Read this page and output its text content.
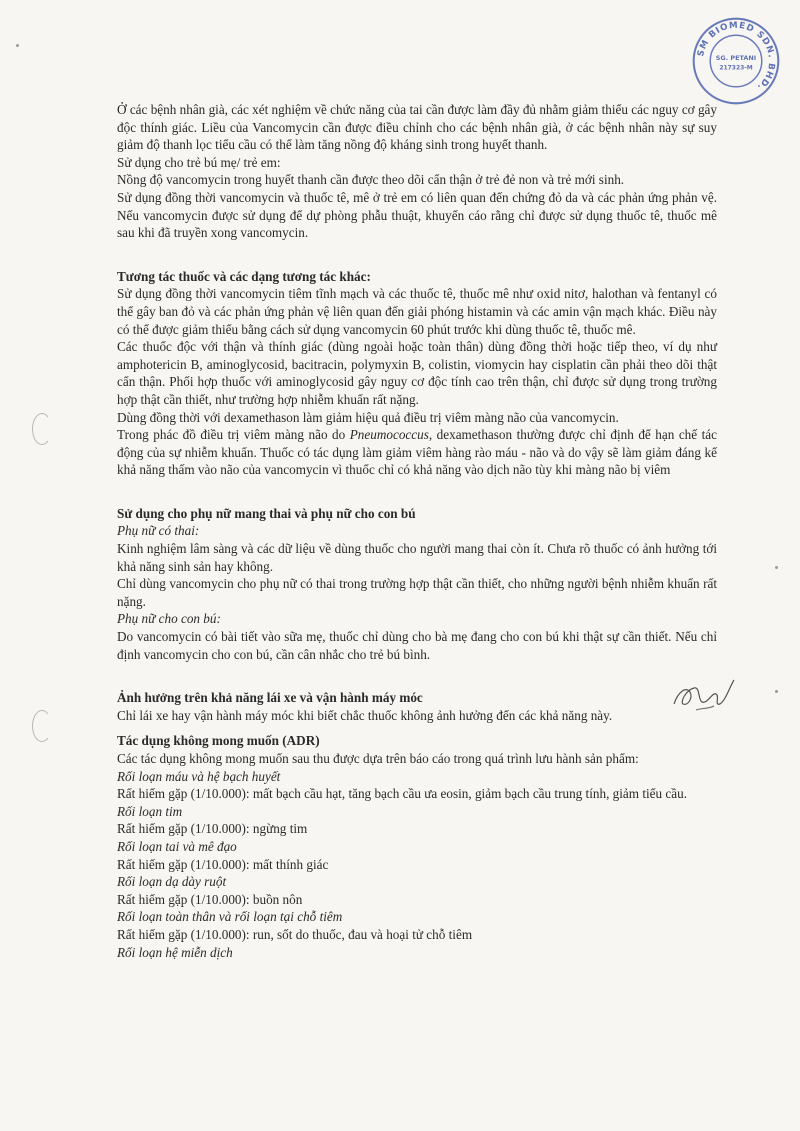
SM BIOMED SDN. BHD.
SG. PETANI
217323-M

Ở các bệnh nhân già, các xét nghiệm về chức năng của tai cần được làm đầy đủ nhằm giảm thiểu các nguy cơ gây độc thính giác. Liều của Vancomycin cần được điều chỉnh cho các bệnh nhân già, ở các bệnh nhân này sự suy giảm độ thanh lọc tiểu cầu có thể làm tăng nồng độ kháng sinh trong huyết thanh.

Sử dụng cho trẻ bú mẹ/ trẻ em:

Nồng độ vancomycin trong huyết thanh cần được theo dõi cẩn thận ở trẻ đẻ non và trẻ mới sinh.

Sử dụng đồng thời vancomycin và thuốc tê, mê ở trẻ em có liên quan đến chứng đỏ da và các phản ứng phản vệ. Nếu vancomycin được sử dụng để dự phòng phẫu thuật, khuyến cáo rằng chỉ được sử dụng thuốc tê, thuốc mê sau khi đã truyền xong vancomycin.

Tương tác thuốc và các dạng tương tác khác:

Sử dụng đồng thời vancomycin tiêm tĩnh mạch và các thuốc tê, thuốc mê như oxid nitơ, halothan và fentanyl có thể gây ban đỏ và các phản ứng phản vệ liên quan đến giải phóng histamin và các amin vận mạch khác. Điều này có thể được giảm thiểu bằng cách sử dụng vancomycin 60 phút trước khi dùng thuốc tê, thuốc mê.

Các thuốc độc với thận và thính giác (dùng ngoài hoặc toàn thân) dùng đồng thời hoặc tiếp theo, ví dụ như amphotericin B, aminoglycosid, bacitracin, polymyxin B, colistin, viomycin hay cisplatin cần phải theo dõi thật cẩn thận. Phối hợp thuốc với aminoglycosid gây nguy cơ độc tính cao trên thận, chỉ được sử dụng trong trường hợp thật cần thiết, như trường hợp nhiễm khuẩn rất nặng.

Dùng đồng thời với dexamethason làm giảm hiệu quả điều trị viêm màng não của vancomycin.

Trong phác đồ điều trị viêm màng não do Pneumococcus, dexamethason thường được chỉ định để hạn chế tác động của sự nhiễm khuẩn. Thuốc có tác dụng làm giảm viêm hàng rào máu - não và do vậy sẽ làm giảm đáng kể khả năng thấm vào não của vancomycin vì thuốc chỉ có khả năng vào dịch não tùy khi màng não bị viêm

Sử dụng cho phụ nữ mang thai và phụ nữ cho con bú

Phụ nữ có thai:

Kinh nghiệm lâm sàng và các dữ liệu về dùng thuốc cho người mang thai còn ít. Chưa rõ thuốc có ảnh hưởng tới khả năng sinh sản hay không.

Chỉ dùng vancomycin cho phụ nữ có thai trong trường hợp thật cần thiết, cho những người bệnh nhiễm khuẩn rất nặng.

Phụ nữ cho con bú:

Do vancomycin có bài tiết vào sữa mẹ, thuốc chỉ dùng cho bà mẹ đang cho con bú khi thật sự cần thiết. Nếu chỉ định vancomycin cho con bú, cần cân nhắc cho trẻ bú bình.

Ảnh hưởng trên khả năng lái xe và vận hành máy móc

Chỉ lái xe hay vận hành máy móc khi biết chắc thuốc không ảnh hưởng đến các khả năng này.

Tác dụng không mong muốn (ADR)

Các tác dụng không mong muốn sau thu được dựa trên báo cáo trong quá trình lưu hành sản phẩm:

Rối loạn máu và hệ bạch huyết

Rất hiếm gặp (1/10.000): mất bạch cầu hạt, tăng bạch cầu ưa eosin, giảm bạch cầu trung tính, giảm tiểu cầu.

Rối loạn tim

Rất hiếm gặp (1/10.000): ngừng tim

Rối loạn tai và mê đạo

Rất hiếm gặp (1/10.000): mất thính giác

Rối loạn dạ dày ruột

Rất hiếm gặp (1/10.000): buồn nôn

Rối loạn toàn thân và rối loạn tại chỗ tiêm

Rất hiếm gặp (1/10.000): run, sốt do thuốc, đau và hoại tử chỗ tiêm

Rối loạn hệ miễn dịch
